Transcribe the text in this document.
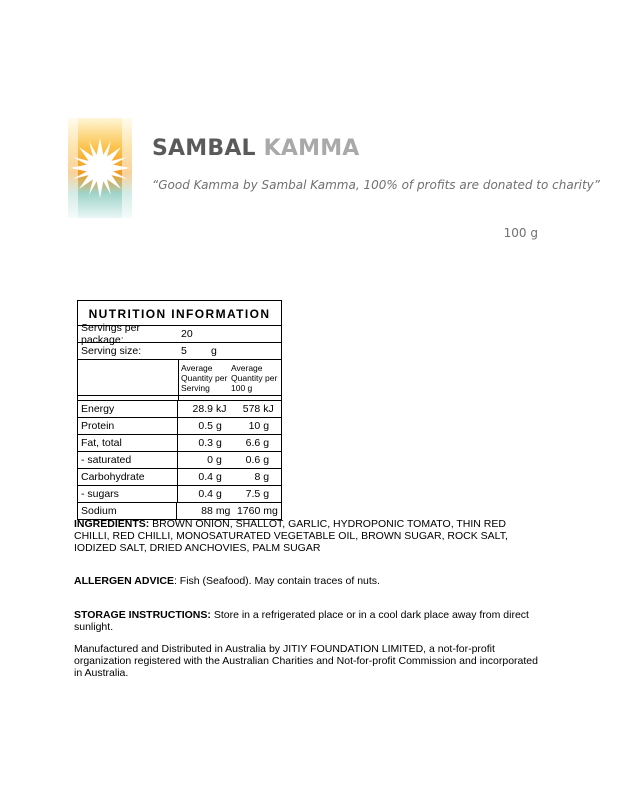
SAMBAL KAMMA
“Good Kamma by Sambal Kamma, 100% of profits are donated to charity”
100 g
NUTRITION INFORMATION
Servings per package:	20
Serving size:	5	g
Average Quantity per Serving
Average Quantity per 100 g
Energy	28.9 kJ	578 kJ
Protein	0.5 g	10 g
Fat, total	0.3 g	6.6 g
- saturated	0 g	0.6 g
Carbohydrate	0.4 g	8 g
- sugars	0.4 g	7.5 g
Sodium	88 mg 1760 mg
INGREDIENTS: BROWN ONION, SHALLOT, GARLIC, HYDROPONIC TOMATO, THIN RED CHILLI, RED CHILLI, MONOSATURATED VEGETABLE OIL, BROWN SUGAR, ROCK SALT, IODIZED SALT, DRIED ANCHOVIES, PALM SUGAR
ALLERGEN ADVICE: Fish (Seafood). May contain traces of nuts.
STORAGE INSTRUCTIONS: Store in a refrigerated place or in a cool dark place away from direct sunlight.
Manufactured and Distributed in Australia by JITIY FOUNDATION LIMITED, a not-for-profit organization registered with the Australian Charities and Not-for-profit Commission and incorporated in Australia.
